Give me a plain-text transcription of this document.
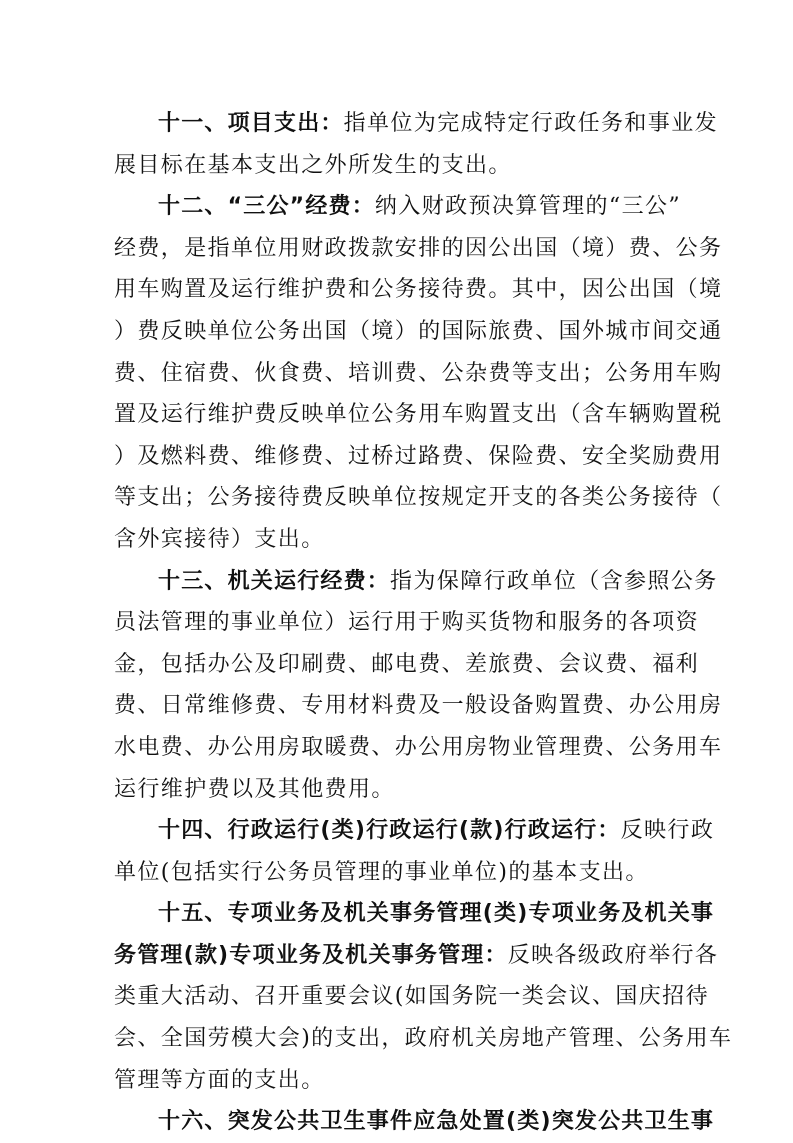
十一、项目支出：指单位为完成特定行政任务和事业发
展目标在基本支出之外所发生的支出。
十二、“三公”经费：纳入财政预决算管理的“三公”
经费，是指单位用财政拨款安排的因公出国（境）费、公务
用车购置及运行维护费和公务接待费。其中，因公出国（境
）费反映单位公务出国（境）的国际旅费、国外城市间交通
费、住宿费、伙食费、培训费、公杂费等支出；公务用车购
置及运行维护费反映单位公务用车购置支出（含车辆购置税
）及燃料费、维修费、过桥过路费、保险费、安全奖励费用
等支出；公务接待费反映单位按规定开支的各类公务接待（
含外宾接待）支出。
十三、机关运行经费：指为保障行政单位（含参照公务
员法管理的事业单位）运行用于购买货物和服务的各项资
金，包括办公及印刷费、邮电费、差旅费、会议费、福利
费、日常维修费、专用材料费及一般设备购置费、办公用房
水电费、办公用房取暖费、办公用房物业管理费、公务用车
运行维护费以及其他费用。
十四、行政运行(类)行政运行(款)行政运行：反映行政
单位(包括实行公务员管理的事业单位)的基本支出。
十五、专项业务及机关事务管理(类)专项业务及机关事
务管理(款)专项业务及机关事务管理：反映各级政府举行各
类重大活动、召开重要会议(如国务院一类会议、国庆招待
会、全国劳模大会)的支出，政府机关房地产管理、公务用车
管理等方面的支出。
十六、突发公共卫生事件应急处置(类)突发公共卫生事
